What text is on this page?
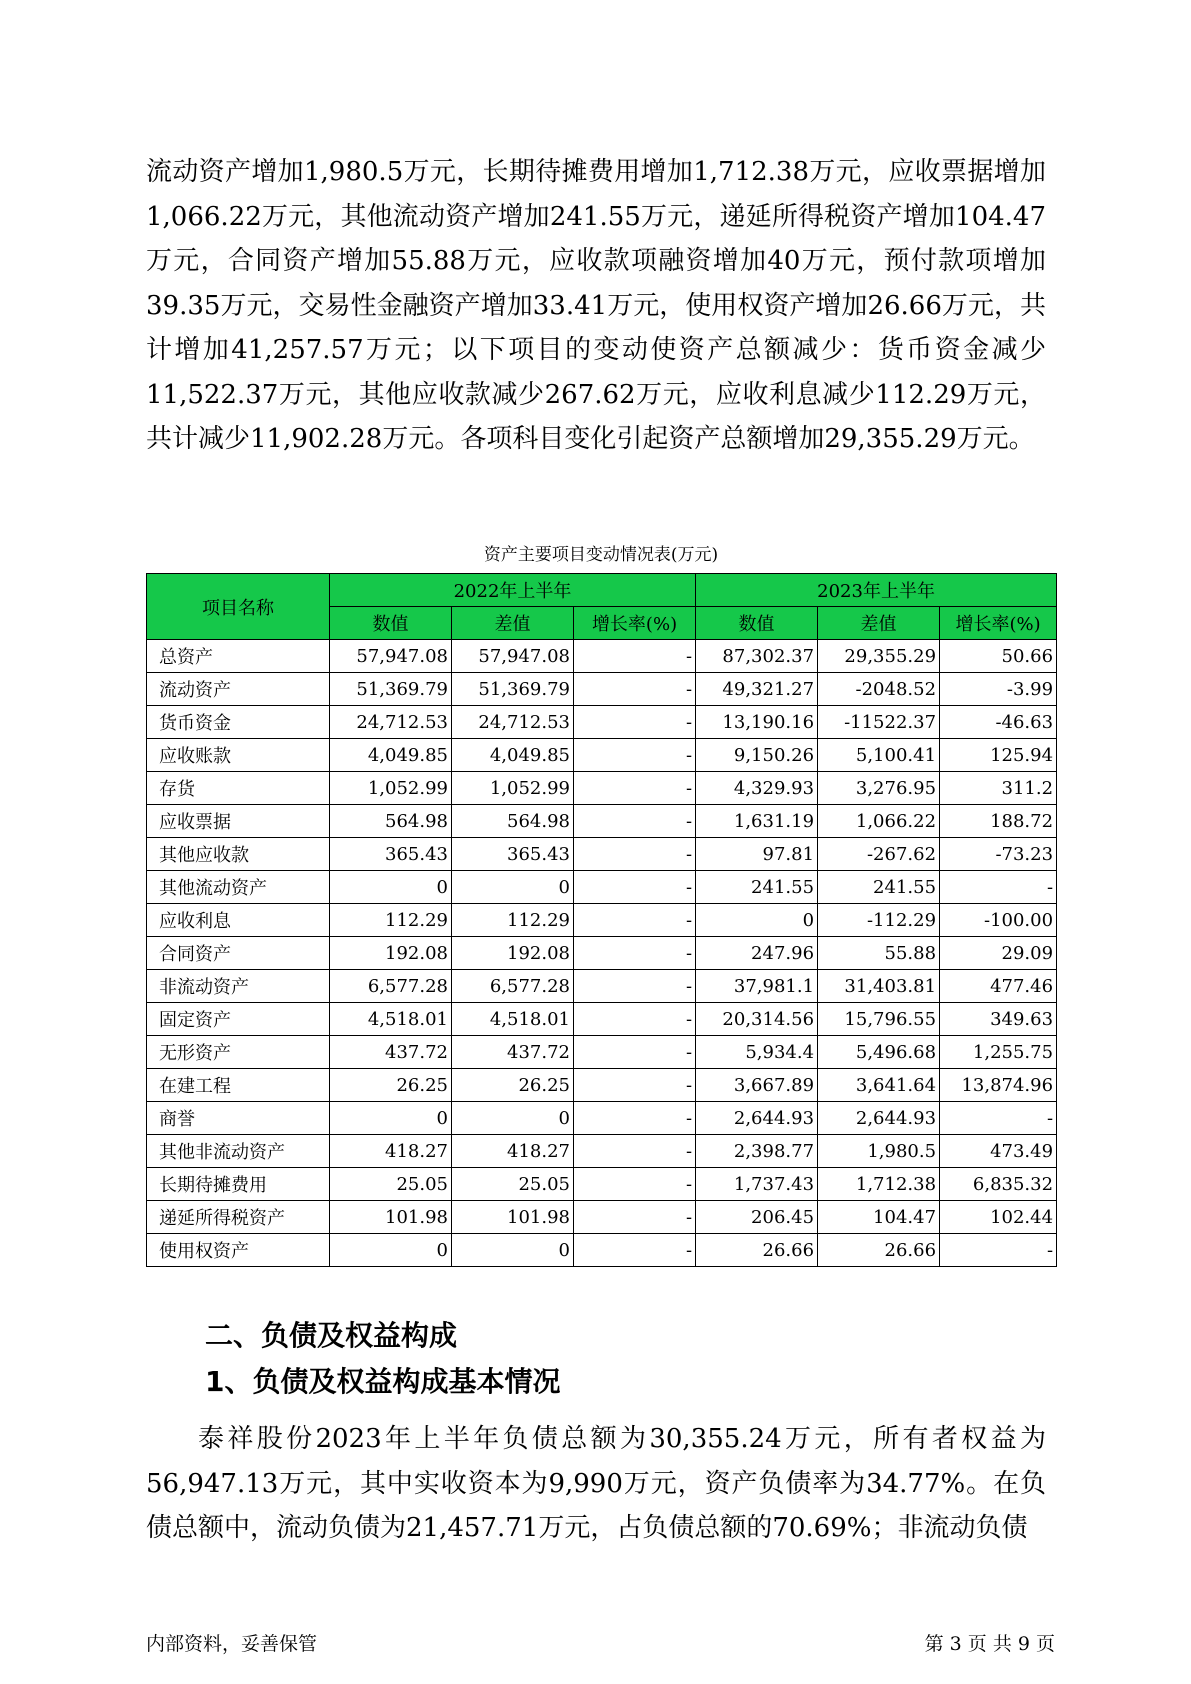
流动资产增加1,980.5万元，长期待摊费用增加1,712.38万元，应收票据增加1,066.22万元，其他流动资产增加241.55万元，递延所得税资产增加104.47万元，合同资产增加55.88万元，应收款项融资增加40万元，预付款项增加39.35万元，交易性金融资产增加33.41万元，使用权资产增加26.66万元，共计增加41,257.57万元；以下项目的变动使资产总额减少：货币资金减少11,522.37万元，其他应收款减少267.62万元，应收利息减少112.29万元，共计减少11,902.28万元。各项科目变化引起资产总额增加29,355.29万元。

资产主要项目变动情况表(万元)
项目名称	2022年上半年			2023年上半年		
	数值	差值	增长率(%)	数值	差值	增长率(%)
总资产	57,947.08	57,947.08	-	87,302.37	29,355.29	50.66
流动资产	51,369.79	51,369.79	-	49,321.27	-2048.52	-3.99
货币资金	24,712.53	24,712.53	-	13,190.16	-11522.37	-46.63
应收账款	4,049.85	4,049.85	-	9,150.26	5,100.41	125.94
存货	1,052.99	1,052.99	-	4,329.93	3,276.95	311.2
应收票据	564.98	564.98	-	1,631.19	1,066.22	188.72
其他应收款	365.43	365.43	-	97.81	-267.62	-73.23
其他流动资产	0	0	-	241.55	241.55	-
应收利息	112.29	112.29	-	0	-112.29	-100.00
合同资产	192.08	192.08	-	247.96	55.88	29.09
非流动资产	6,577.28	6,577.28	-	37,981.1	31,403.81	477.46
固定资产	4,518.01	4,518.01	-	20,314.56	15,796.55	349.63
无形资产	437.72	437.72	-	5,934.4	5,496.68	1,255.75
在建工程	26.25	26.25	-	3,667.89	3,641.64	13,874.96
商誉	0	0	-	2,644.93	2,644.93	-
其他非流动资产	418.27	418.27	-	2,398.77	1,980.5	473.49
长期待摊费用	25.05	25.05	-	1,737.43	1,712.38	6,835.32
递延所得税资产	101.98	101.98	-	206.45	104.47	102.44
使用权资产	0	0	-	26.66	26.66	-
二、负债及权益构成
1、负债及权益构成基本情况

泰祥股份2023年上半年负债总额为30,355.24万元，所有者权益为56,947.13万元，其中实收资本为9,990万元，资产负债率为34.77%。在负债总额中，流动负债为21,457.71万元，占负债总额的70.69%；非流动负债

内部资料，妥善保管	第 3 页 共 9 页
